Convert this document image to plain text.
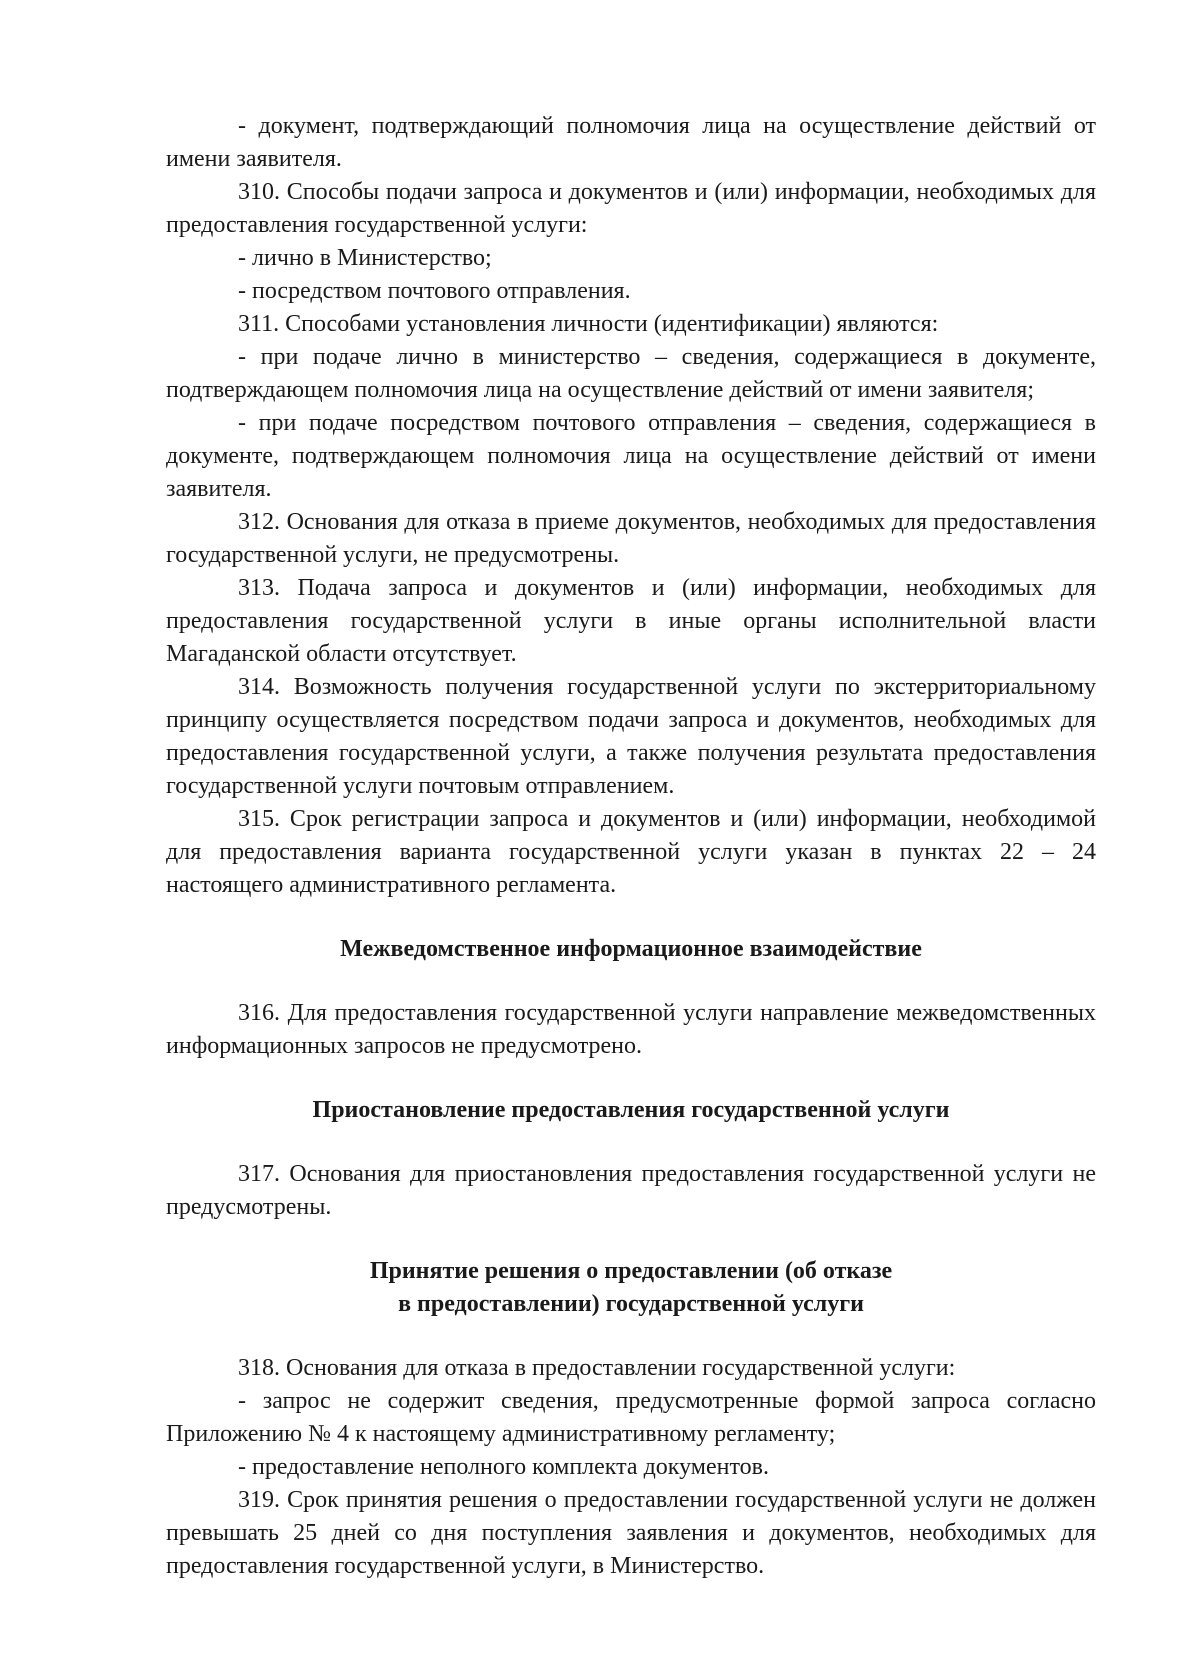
- документ, подтверждающий полномочия лица на осуществление действий от имени заявителя.

310. Способы подачи запроса и документов и (или) информации, необходимых для предоставления государственной услуги:

- лично в Министерство;

- посредством почтового отправления.

311. Способами установления личности (идентификации) являются:

- при подаче лично в министерство – сведения, содержащиеся в документе, подтверждающем полномочия лица на осуществление действий от имени заявителя;

- при подаче посредством почтового отправления – сведения, содержащиеся в документе, подтверждающем полномочия лица на осуществление действий от имени заявителя.

312. Основания для отказа в приеме документов, необходимых для предоставления государственной услуги, не предусмотрены.

313. Подача запроса и документов и (или) информации, необходимых для предоставления государственной услуги в иные органы исполнительной власти Магаданской области отсутствует.

314. Возможность получения государственной услуги по экстерриториальному принципу осуществляется посредством подачи запроса и документов, необходимых для предоставления государственной услуги, а также получения результата предоставления государственной услуги почтовым отправлением.

315. Срок регистрации запроса и документов и (или) информации, необходимой для предоставления варианта государственной услуги указан в пунктах 22 – 24 настоящего административного регламента.

Межведомственное информационное взаимодействие

316. Для предоставления государственной услуги направление межведомственных информационных запросов не предусмотрено.

Приостановление предоставления государственной услуги

317. Основания для приостановления предоставления государственной услуги не предусмотрены.

Принятие решения о предоставлении (об отказе

в предоставлении) государственной услуги

318. Основания для отказа в предоставлении государственной услуги:

- запрос не содержит сведения, предусмотренные формой запроса согласно Приложению № 4 к настоящему административному регламенту;

- предоставление неполного комплекта документов.

319. Срок принятия решения о предоставлении государственной услуги не должен превышать 25 дней со дня поступления заявления и документов, необходимых для предоставления государственной услуги, в Министерство.
